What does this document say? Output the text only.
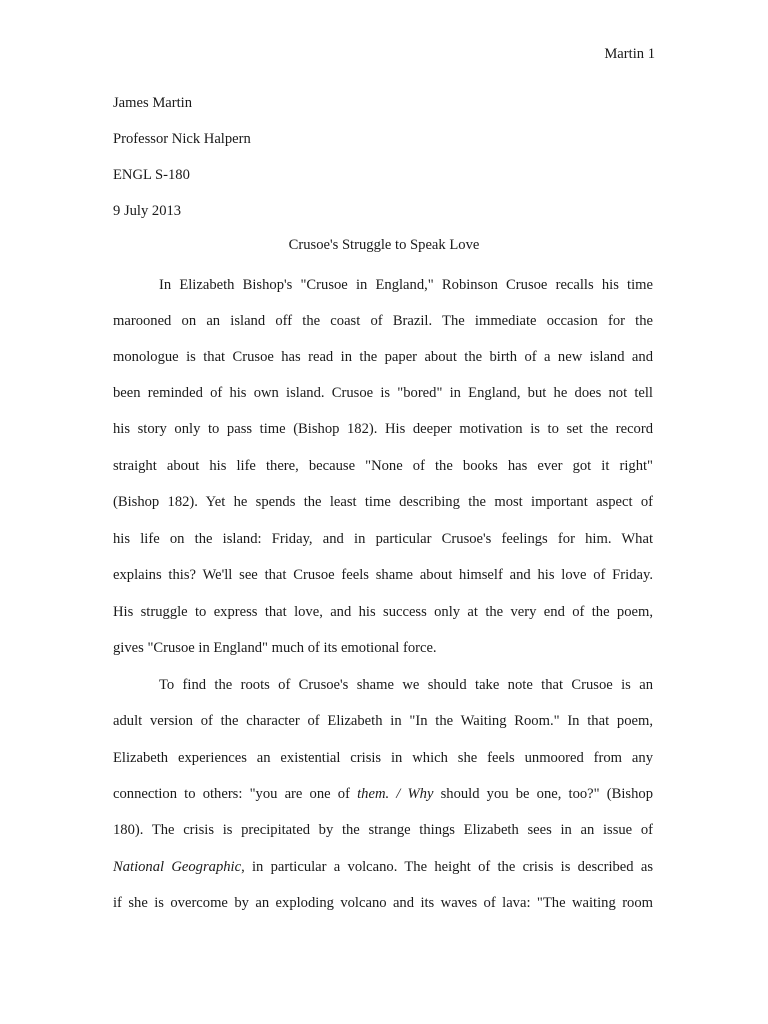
Martin 1
James Martin
Professor Nick Halpern
ENGL S-180
9 July 2013
Crusoe's Struggle to Speak Love
In Elizabeth Bishop's "Crusoe in England," Robinson Crusoe recalls his time
marooned on an island off the coast of Brazil. The immediate occasion for the
monologue is that Crusoe has read in the paper about the birth of a new island and
been reminded of his own island. Crusoe is "bored" in England, but he does not tell
his story only to pass time (Bishop 182). His deeper motivation is to set the record
straight about his life there, because "None of the books has ever got it right"
(Bishop 182). Yet he spends the least time describing the most important aspect of
his life on the island: Friday, and in particular Crusoe's feelings for him. What
explains this? We'll see that Crusoe feels shame about himself and his love of Friday.
His struggle to express that love, and his success only at the very end of the poem,
gives "Crusoe in England" much of its emotional force.
To find the roots of Crusoe's shame we should take note that Crusoe is an
adult version of the character of Elizabeth in "In the Waiting Room." In that poem,
Elizabeth experiences an existential crisis in which she feels unmoored from any
connection to others: "you are one of them. / Why should you be one, too?" (Bishop
180). The crisis is precipitated by the strange things Elizabeth sees in an issue of
National Geographic, in particular a volcano. The height of the crisis is described as
if she is overcome by an exploding volcano and its waves of lava: "The waiting room
